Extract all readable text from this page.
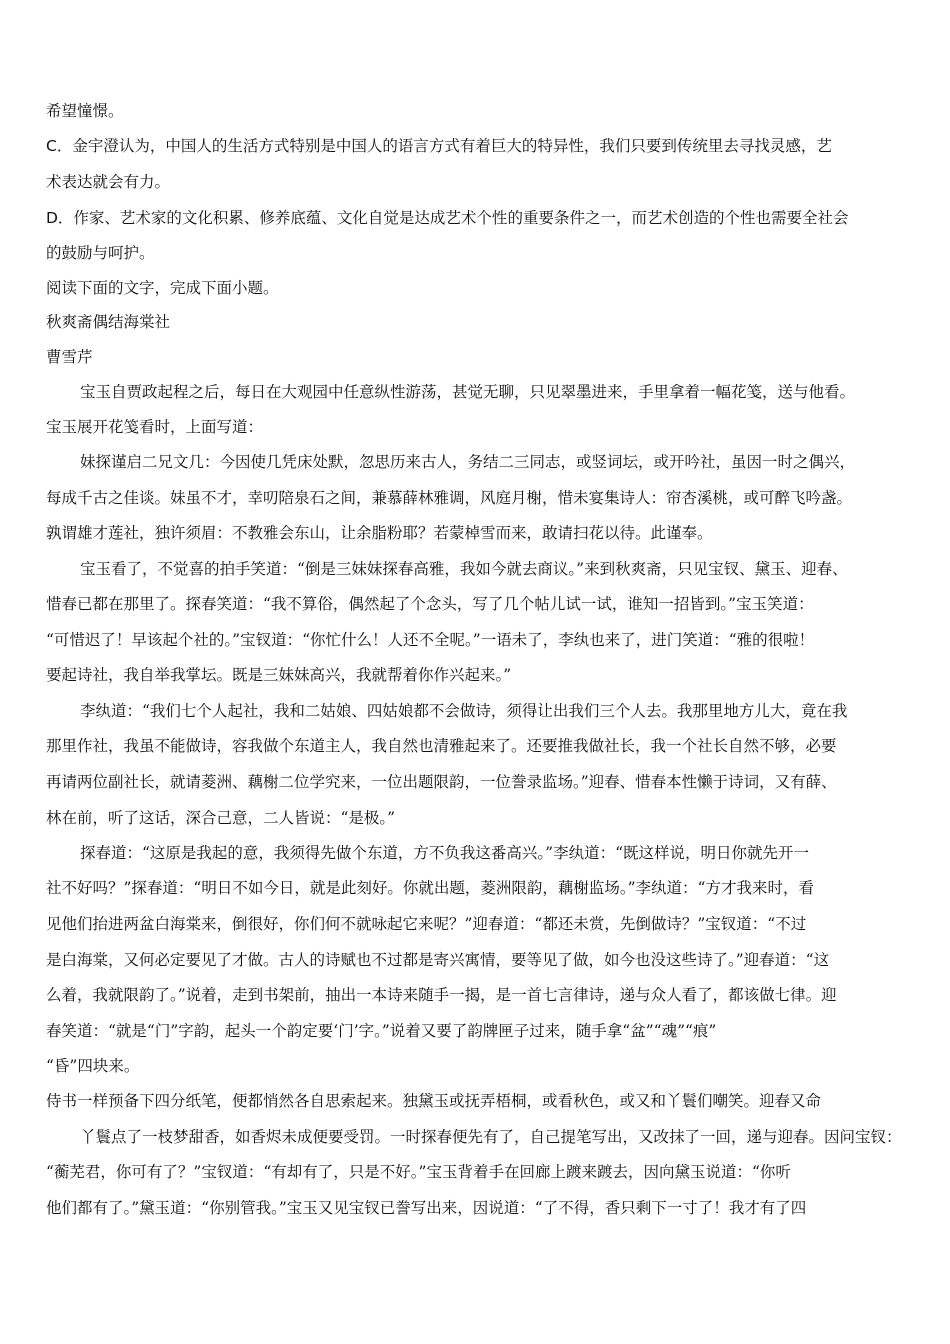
希望憧憬。
C．金宇澄认为，中国人的生活方式特别是中国人的语言方式有着巨大的特异性，我们只要到传统里去寻找灵感，艺
术表达就会有力。
D．作家、艺术家的文化积累、修养底蕴、文化自觉是达成艺术个性的重要条件之一，而艺术创造的个性也需要全社会
的鼓励与呵护。
阅读下面的文字，完成下面小题。
秋爽斋偶结海棠社
曹雪芹
宝玉自贾政起程之后，每日在大观园中任意纵性游荡，甚觉无聊，只见翠墨进来，手里拿着一幅花笺，送与他看。
宝玉展开花笺看时，上面写道：
妹探谨启二兄文几：今因使几凭床处默，忽思历来古人，务结二三同志，或竖词坛，或开吟社，虽因一时之偶兴，
每成千古之佳谈。妹虽不才，幸叨陪泉石之间，兼慕薛林雅调，风庭月榭，惜未宴集诗人：帘杏溪桃，或可醉飞吟盏。
孰谓雄才莲社，独许须眉：不教雅会东山，让余脂粉耶？若蒙棹雪而来，敢请扫花以待。此谨奉。
宝玉看了，不觉喜的拍手笑道：“倒是三妹妹探春高雅，我如今就去商议。”来到秋爽斋，只见宝钗、黛玉、迎春、
惜春已都在那里了。探春笑道：“我不算俗，偶然起了个念头，写了几个帖儿试一试，谁知一招皆到。”宝玉笑道：
“可惜迟了！早该起个社的。”宝钗道：“你忙什么！人还不全呢。”一语未了，李纨也来了，进门笑道：“雅的很啦！
要起诗社，我自举我掌坛。既是三妹妹高兴，我就帮着你作兴起来。”
李纨道：“我们七个人起社，我和二姑娘、四姑娘都不会做诗，须得让出我们三个人去。我那里地方儿大，竟在我
那里作社，我虽不能做诗，容我做个东道主人，我自然也清雅起来了。还要推我做社长，我一个社长自然不够，必要
再请两位副社长，就请菱洲、藕榭二位学究来，一位出题限韵，一位誊录监场。”迎春、惜春本性懒于诗词，又有薛、
林在前，听了这话，深合己意，二人皆说：“是极。”
探春道：“这原是我起的意，我须得先做个东道，方不负我这番高兴。”李纨道：“既这样说，明日你就先开一
社不好吗？”探春道：“明日不如今日，就是此刻好。你就出题，菱洲限韵，藕榭监场。”李纨道：“方才我来时，看
见他们抬进两盆白海棠来，倒很好，你们何不就咏起它来呢？”迎春道：“都还未赏，先倒做诗？”宝钗道：“不过
是白海棠，又何必定要见了才做。古人的诗赋也不过都是寄兴寓情，要等见了做，如今也没这些诗了。”迎春道：“这
么着，我就限韵了。”说着，走到书架前，抽出一本诗来随手一揭，是一首七言律诗，递与众人看了，都该做七律。迎
春笑道：“就是“门”字韵，起头一个韵定要‘门’字。”说着又要了韵牌匣子过来，随手拿“盆”“魂”“痕”
“昏”四块来。
侍书一样预备下四分纸笔，便都悄然各自思索起来。独黛玉或抚弄梧桐，或看秋色，或又和丫鬟们嘲笑。迎春又命
丫鬟点了一枝梦甜香，如香烬未成便要受罚。一时探春便先有了，自己提笔写出，又改抹了一回，递与迎春。因问宝钗：
“蘅芜君，你可有了？”宝钗道：“有却有了，只是不好。”宝玉背着手在回廊上踱来踱去，因向黛玉说道：“你听
他们都有了。”黛玉道：“你别管我。”宝玉又见宝钗已誊写出来，因说道：“了不得，香只剩下一寸了！我才有了四
